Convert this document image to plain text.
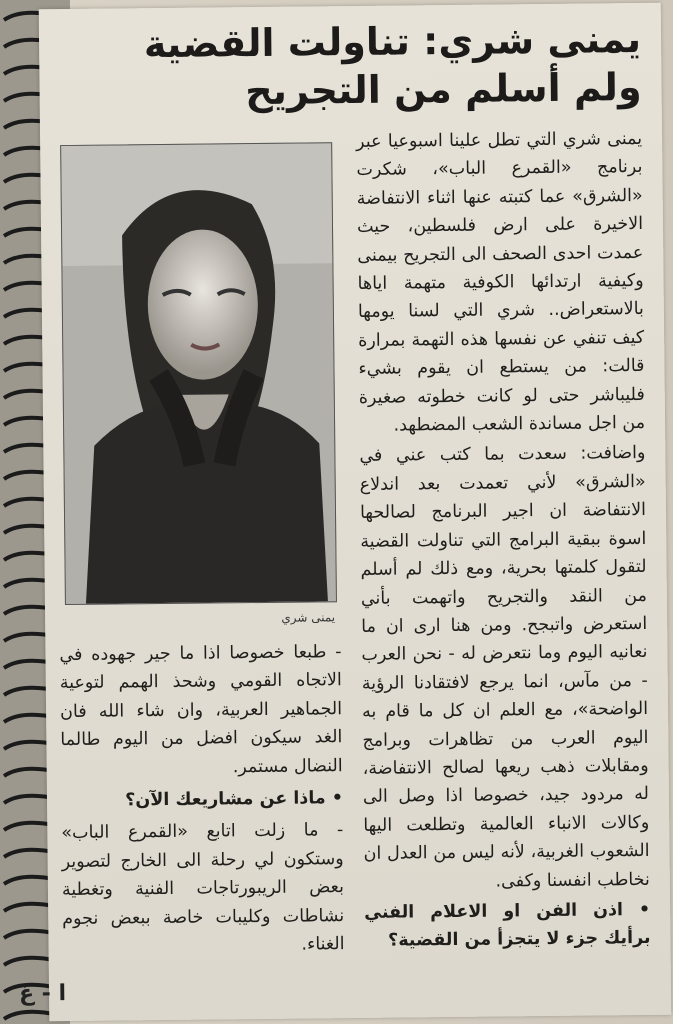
يمنى شري: تناولت القضية
ولم أسلم من التجريح
يمنى شري

يمنى شري التي تطل علينا اسبوعيا عبر برنامج «القمرع الباب»، شكرت «الشرق» عما كتبته عنها اثناء الانتفاضة الاخيرة على ارض فلسطين، حيث عمدت احدى الصحف الى التجريح بيمنى وكيفية ارتدائها الكوفية متهمة اياها بالاستعراض.. شري التي لسنا يومها كيف تنفي عن نفسها هذه التهمة بمرارة قالت: من يستطع ان يقوم بشيء فليباشر حتى لو كانت خطوته صغيرة من اجل مساندة الشعب المضطهد.

واضافت: سعدت بما كتب عني في «الشرق» لأني تعمدت بعد اندلاع الانتفاضة ان اجير البرنامج لصالحها اسوة ببقية البرامج التي تناولت القضية لتقول كلمتها بحرية، ومع ذلك لم أسلم من النقد والتجريح واتهمت بأني استعرض واتبجح. ومن هنا ارى ان ما نعانيه اليوم وما نتعرض له - نحن العرب - من مآس، انما يرجع لافتقادنا الرؤية الواضحة»، مع العلم ان كل ما قام به اليوم العرب من تظاهرات وبرامج ومقابلات ذهب ريعها لصالح الانتفاضة، له مردود جيد، خصوصا اذا وصل الى وكالات الانباء العالمية وتطلعت اليها الشعوب الغربية، لأنه ليس من العدل ان نخاطب انفسنا وكفى.

• اذن الفن او الاعلام الفني برأيك جزء لا يتجزأ من القضية؟

- طبعا خصوصا اذا ما جير جهوده في الاتجاه القومي وشحذ الهمم لتوعية الجماهير العربية، وان شاء الله فان الغد سيكون افضل من اليوم طالما النضال مستمر.

• ماذا عن مشاريعك الآن؟

- ما زلت اتابع «القمرع الباب» وستكون لي رحلة الى الخارج لتصوير بعض الريبورتاجات الفنية وتغطية نشاطات وكليبات خاصة ببعض نجوم الغناء.

ا - غ
